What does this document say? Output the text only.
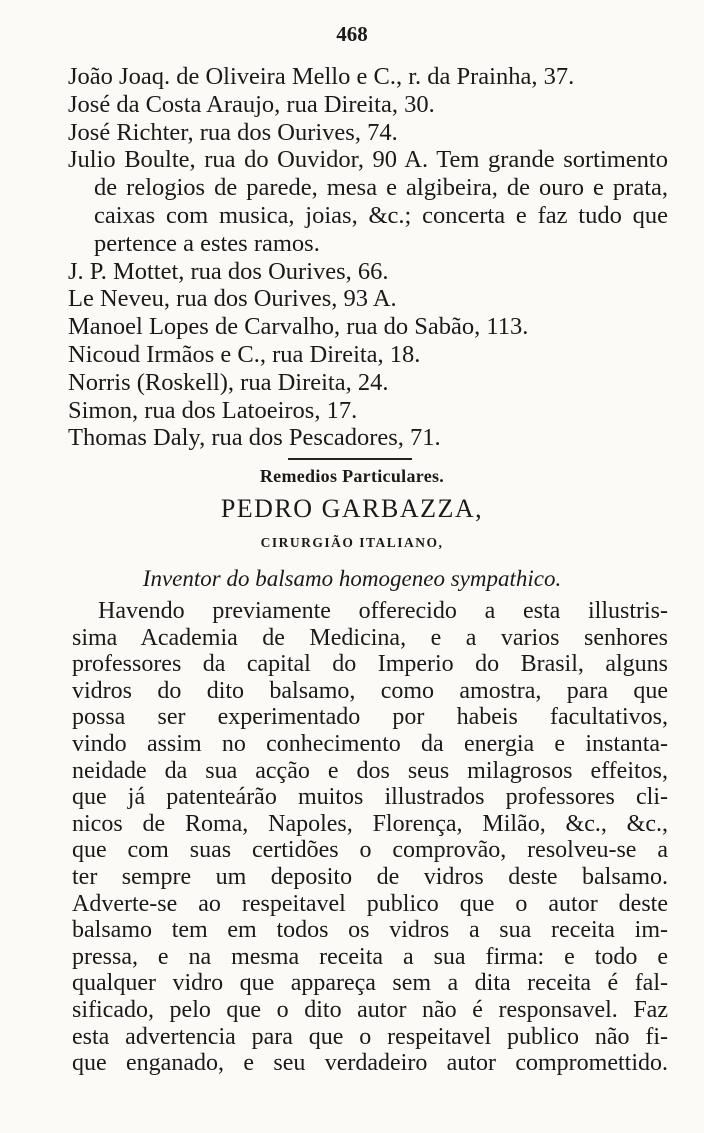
468

João Joaq. de Oliveira Mello e C., r. da Prainha, 37.

José da Costa Araujo, rua Direita, 30.

José Richter, rua dos Ourives, 74.

Julio Boulte, rua do Ouvidor, 90 A. Tem grande sortimento de relogios de parede, mesa e algibeira, de ouro e prata, caixas com musica, joias, &c.; concerta e faz tudo que pertence a estes ramos.

J. P. Mottet, rua dos Ourives, 66.

Le Neveu, rua dos Ourives, 93 A.

Manoel Lopes de Carvalho, rua do Sabão, 113.

Nicoud Irmãos e C., rua Direita, 18.

Norris (Roskell), rua Direita, 24.

Simon, rua dos Latoeiros, 17.

Thomas Daly, rua dos Pescadores, 71.

Remedios Particulares.
PEDRO GARBAZZA,
CIRURGIÃO ITALIANO,
Inventor do balsamo homogeneo sympathico.
Havendo previamente offerecido a esta illustris-
sima Academia de Medicina, e a varios senhores
professores da capital do Imperio do Brasil, alguns
vidros do dito balsamo, como amostra, para que
possa ser experimentado por habeis facultativos,
vindo assim no conhecimento da energia e instanta-
neidade da sua acção e dos seus milagrosos effeitos,
que já patenteárão muitos illustrados professores cli-
nicos de Roma, Napoles, Florença, Milão, &c., &c.,
que com suas certidões o comprovão, resolveu-se a
ter sempre um deposito de vidros deste balsamo.
Adverte-se ao respeitavel publico que o autor deste
balsamo tem em todos os vidros a sua receita im-
pressa, e na mesma receita a sua firma: e todo e
qualquer vidro que appareça sem a dita receita é fal-
sificado, pelo que o dito autor não é responsavel. Faz
esta advertencia para que o respeitavel publico não fi-
que enganado, e seu verdadeiro autor compromettido.
